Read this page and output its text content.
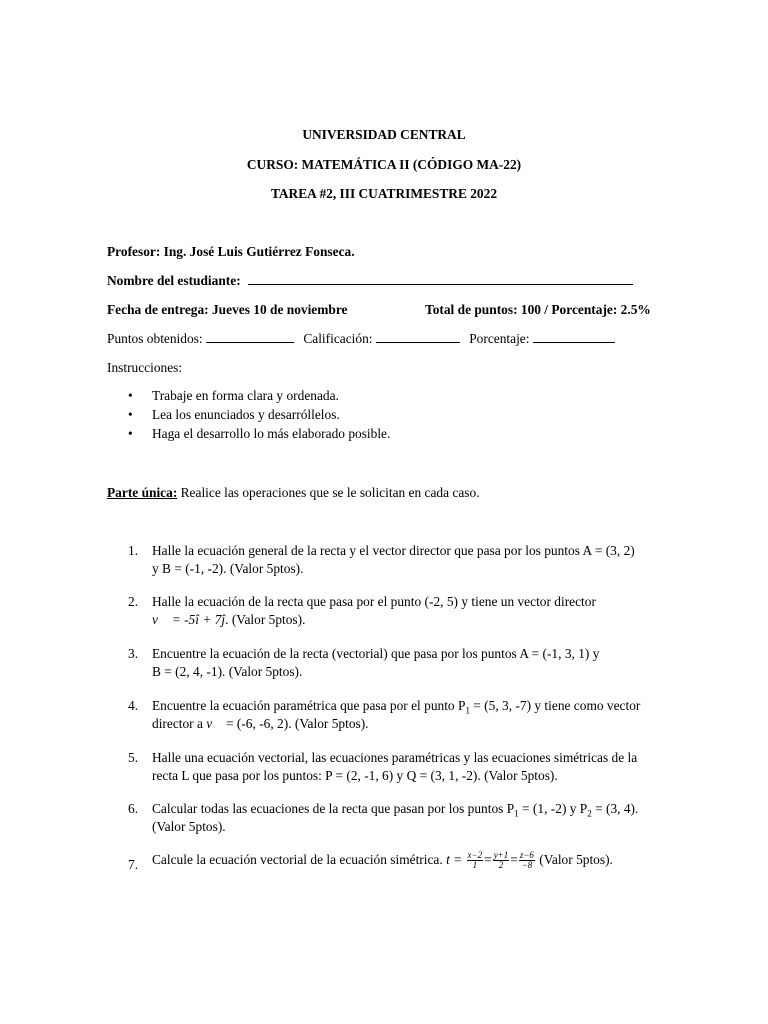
UNIVERSIDAD CENTRAL
CURSO: MATEMÁTICA II (CÓDIGO MA-22)
TAREA #2, III CUATRIMESTRE 2022
Profesor: Ing. José Luis Gutiérrez Fonseca.
Nombre del estudiante:
Fecha de entrega: Jueves 10 de noviembre	Total de puntos: 100 / Porcentaje: 2.5%
Puntos obtenidos:	Calificación:	Porcentaje:
Instrucciones:
• Trabaje en forma clara y ordenada.
• Lea los enunciados y desarróllelos.
• Haga el desarrollo lo más elaborado posible.
Parte única: Realice las operaciones que se le solicitan en cada caso.
1. Halle la ecuación general de la recta y el vector director que pasa por los puntos A = (3, 2)
y B = (-1, -2). (Valor 5ptos).
2. Halle la ecuación de la recta que pasa por el punto (-2, 5) y tiene un vector director
v⃗ = -5î + 7ĵ. (Valor 5ptos).
3. Encuentre la ecuación de la recta (vectorial) que pasa por los puntos A = (-1, 3, 1) y
B = (2, 4, -1). (Valor 5ptos).
4. Encuentre la ecuación paramétrica que pasa por el punto $P_1 = (5$, 3, -7) y tiene como vector
director a v⃗ = (-6, -6, 2). (Valor 5ptos).
5. Halle una ecuación vectorial, las ecuaciones paramétricas y las ecuaciones simétricas de la
recta L que pasa por los puntos: P = (2, -1, 6) y Q = (3, 1, -2). (Valor 5ptos).
6. Calcular todas las ecuaciones de la recta que pasan por los puntos $P_1 = (1$, -2) y $P_2 = (3$, 4).
(Valor 5ptos).
7. Calcule la ecuación vectorial de la ecuación simétrica. $t = \frac{x-2}{1} = \frac{y+1}{2} = \frac{z-6}{-8}$ (Valor 5ptos).
